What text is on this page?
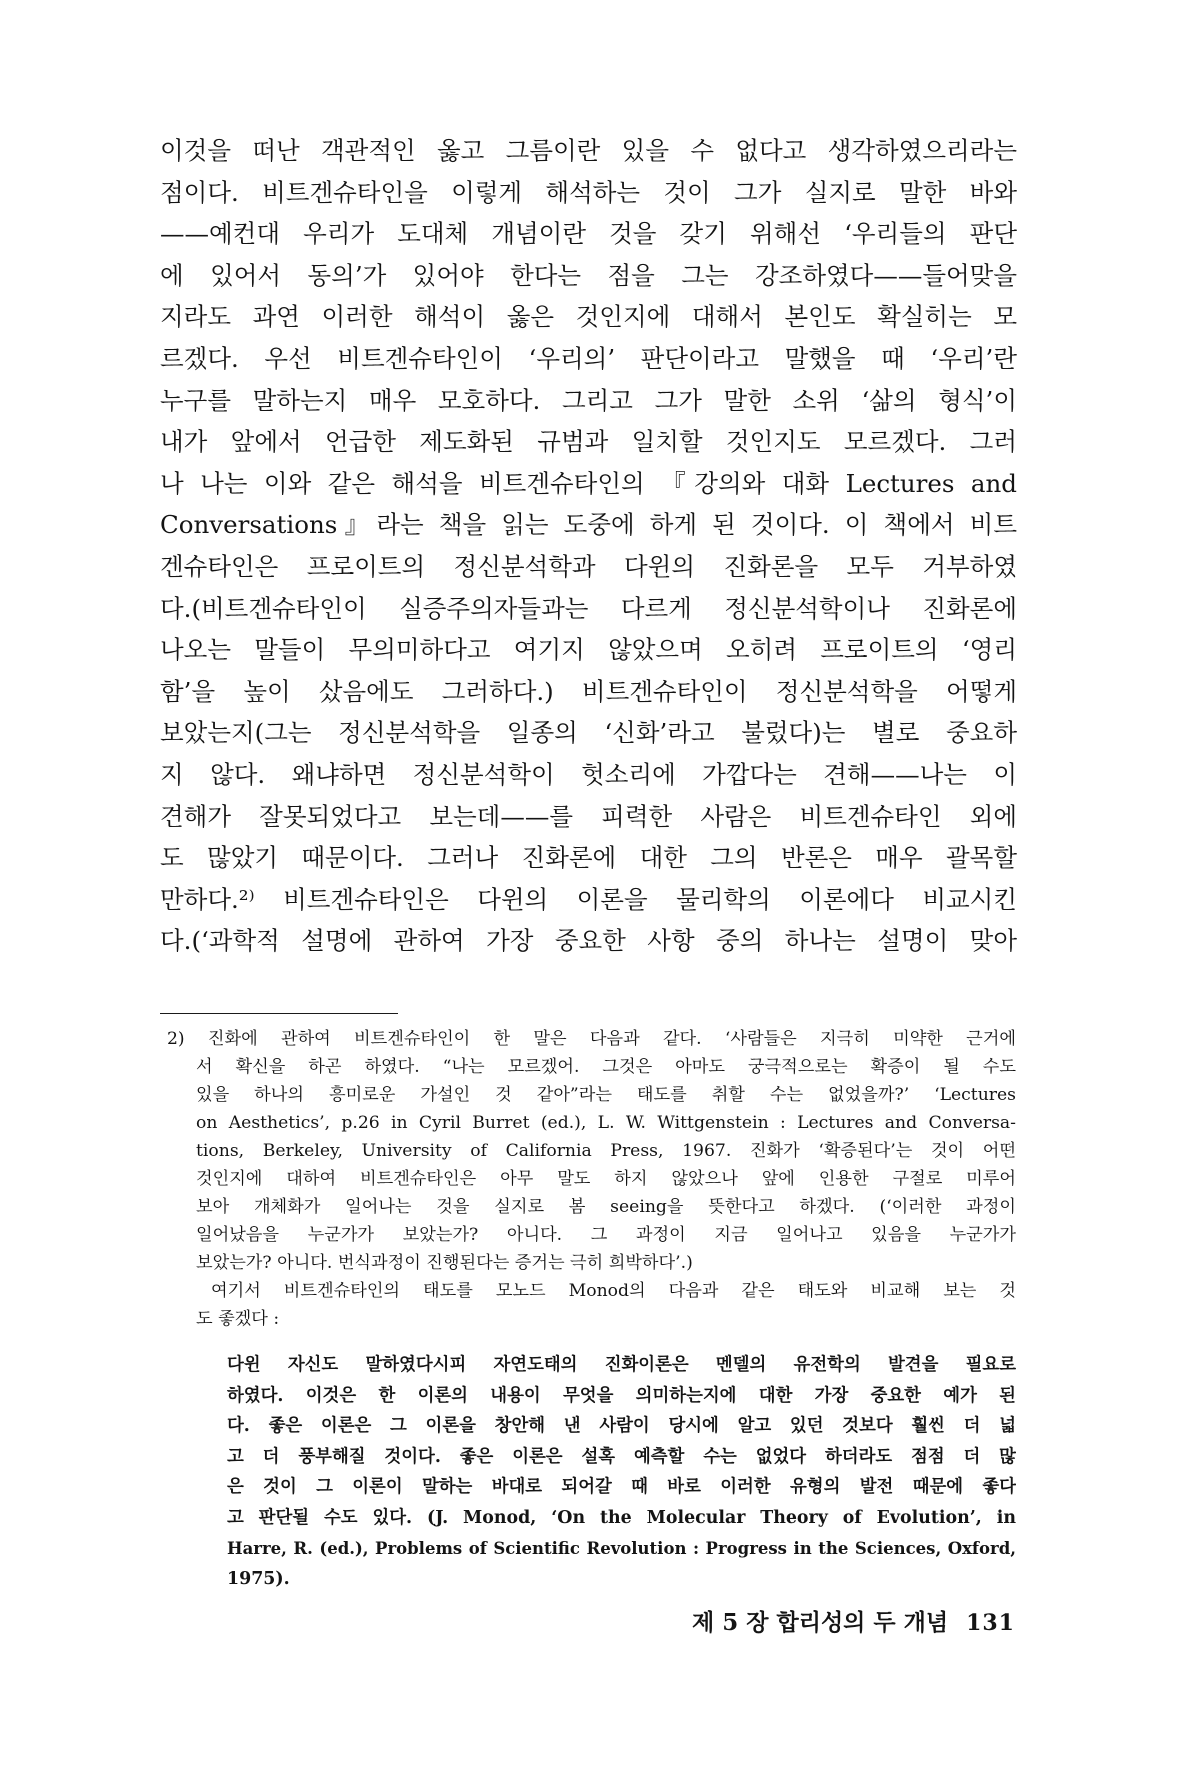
이것을 떠난 객관적인 옳고 그름이란 있을 수 없다고 생각하였으리라는
점이다. 비트겐슈타인을 이렇게 해석하는 것이 그가 실지로 말한 바와
——예컨대 우리가 도대체 개념이란 것을 갖기 위해선 ‘우리들의 판단
에 있어서 동의’가 있어야 한다는 점을 그는 강조하였다——들어맞을
지라도 과연 이러한 해석이 옳은 것인지에 대해서 본인도 확실히는 모
르겠다. 우선 비트겐슈타인이 ‘우리의’ 판단이라고 말했을 때 ‘우리’란
누구를 말하는지 매우 모호하다. 그리고 그가 말한 소위 ‘삶의 형식’이
내가 앞에서 언급한 제도화된 규범과 일치할 것인지도 모르겠다. 그러
나 나는 이와 같은 해석을 비트겐슈타인의 『강의와 대화 Lectures and
Conversations』라는 책을 읽는 도중에 하게 된 것이다. 이 책에서 비트
겐슈타인은 프로이트의 정신분석학과 다윈의 진화론을 모두 거부하였
다.(비트겐슈타인이 실증주의자들과는 다르게 정신분석학이나 진화론에
나오는 말들이 무의미하다고 여기지 않았으며 오히려 프로이트의 ‘영리
함’을 높이 샀음에도 그러하다.) 비트겐슈타인이 정신분석학을 어떻게
보았는지(그는 정신분석학을 일종의 ‘신화’라고 불렀다)는 별로 중요하
지 않다. 왜냐하면 정신분석학이 헛소리에 가깝다는 견해——나는 이
견해가 잘못되었다고 보는데——를 피력한 사람은 비트겐슈타인 외에
도 많았기 때문이다. 그러나 진화론에 대한 그의 반론은 매우 괄목할
만하다.²⁾ 비트겐슈타인은 다윈의 이론을 물리학의 이론에다 비교시킨
다.(‘과학적 설명에 관하여 가장 중요한 사항 중의 하나는 설명이 맞아
2) 진화에 관하여 비트겐슈타인이 한 말은 다음과 같다. ‘사람들은 지극히 미약한 근거에
서 확신을 하곤 하였다. “나는 모르겠어. 그것은 아마도 궁극적으로는 확증이 될 수도
있을 하나의 흥미로운 가설인 것 같아”라는 태도를 취할 수는 없었을까?’ ‘Lectures
on Aesthetics’, p.26 in Cyril Burret (ed.), L. W. Wittgenstein : Lectures and Conversa-
tions, Berkeley, University of California Press, 1967. 진화가 ‘확증된다’는 것이 어떤
것인지에 대하여 비트겐슈타인은 아무 말도 하지 않았으나 앞에 인용한 구절로 미루어
보아 개체화가 일어나는 것을 실지로 봄 seeing을 뜻한다고 하겠다. (‘이러한 과정이
일어났음을 누군가가 보았는가? 아니다. 그 과정이 지금 일어나고 있음을 누군가가
보았는가? 아니다. 번식과정이 진행된다는 증거는 극히 희박하다’.)
여기서 비트겐슈타인의 태도를 모노드 Monod의 다음과 같은 태도와 비교해 보는 것
도 좋겠다 :
다윈 자신도 말하였다시피 자연도태의 진화이론은 멘델의 유전학의 발견을 필요로
하였다. 이것은 한 이론의 내용이 무엇을 의미하는지에 대한 가장 중요한 예가 된
다. 좋은 이론은 그 이론을 창안해 낸 사람이 당시에 알고 있던 것보다 훨씬 더 넓
고 더 풍부해질 것이다. 좋은 이론은 설혹 예측할 수는 없었다 하더라도 점점 더 많
은 것이 그 이론이 말하는 바대로 되어갈 때 바로 이러한 유형의 발전 때문에 좋다
고 판단될 수도 있다. (J. Monod, ‘On the Molecular Theory of Evolution’, in
Harre, R. (ed.), Problems of Scientific Revolution : Progress in the Sciences, Oxford,
1975).
제 5 장 합리성의 두 개념 131
